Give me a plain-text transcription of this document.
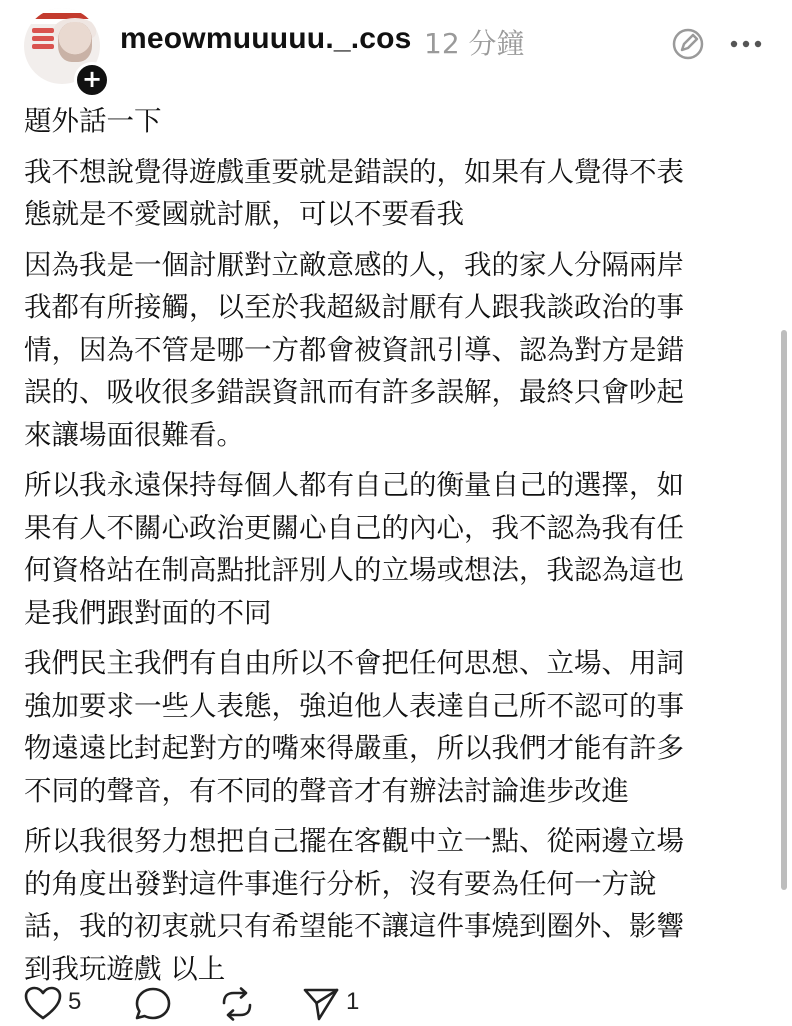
+
meowmuuuuu._.cos 12 分鐘

題外話一下

我不想說覺得遊戲重要就是錯誤的，如果有人覺得不表
態就是不愛國就討厭，可以不要看我

因為我是一個討厭對立敵意感的人，我的家人分隔兩岸
我都有所接觸，以至於我超級討厭有人跟我談政治的事
情，因為不管是哪一方都會被資訊引導、認為對方是錯
誤的、吸收很多錯誤資訊而有許多誤解，最終只會吵起
來讓場面很難看。

所以我永遠保持每個人都有自己的衡量自己的選擇，如
果有人不關心政治更關心自己的內心，我不認為我有任
何資格站在制高點批評別人的立場或想法，我認為這也
是我們跟對面的不同

我們民主我們有自由所以不會把任何思想、立場、用詞
強加要求一些人表態，強迫他人表達自己所不認可的事
物遠遠比封起對方的嘴來得嚴重，所以我們才能有許多
不同的聲音，有不同的聲音才有辦法討論進步改進

所以我很努力想把自己擺在客觀中立一點、從兩邊立場
的角度出發對這件事進行分析，沒有要為任何一方說
話，我的初衷就只有希望能不讓這件事燒到圈外、影響
到我玩遊戲 以上

5	1
